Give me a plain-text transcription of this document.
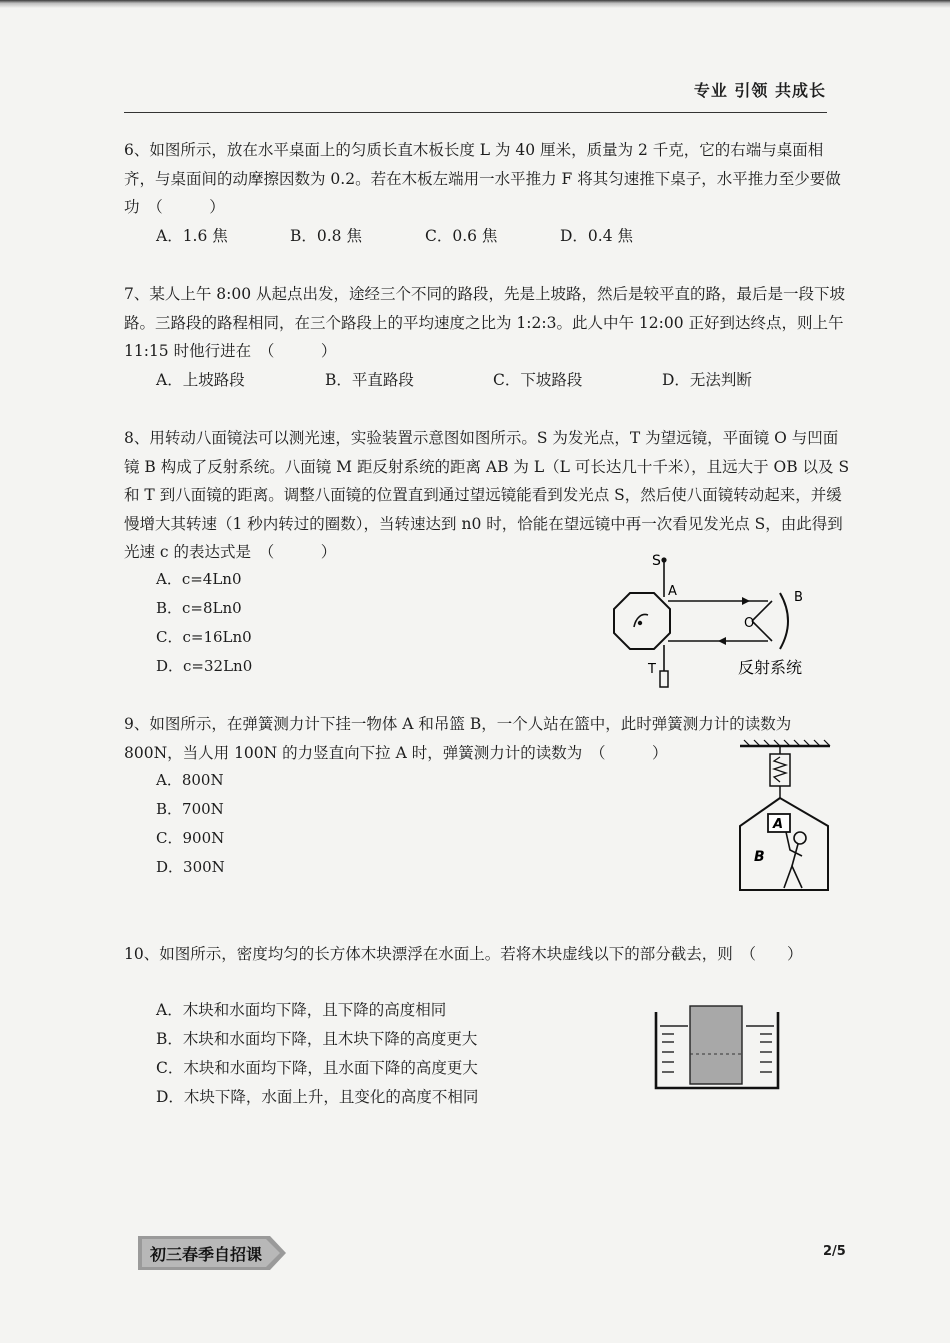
专业 引领 共成长

6、如图所示，放在水平桌面上的匀质长直木板长度 L 为 40 厘米，质量为 2 千克，它的右端与桌面相齐，与桌面间的动摩擦因数为 0.2。若在木板左端用一水平推力 F 将其匀速推下桌子，水平推力至少要做功　（　　　）

A．1.6 焦	B．0.8 焦	C．0.6 焦	D．0.4 焦

7、某人上午 8:00 从起点出发，途经三个不同的路段，先是上坡路，然后是较平直的路，最后是一段下坡路。三路段的路程相同，在三个路段上的平均速度之比为 1:2:3。此人中午 12:00 正好到达终点，则上午 11:15 时他行进在　（　　　）

A．上坡路段	B．平直路段	C．下坡路段	D．无法判断

8、用转动八面镜法可以测光速，实验装置示意图如图所示。S 为发光点，T 为望远镜，平面镜 O 与凹面镜 B 构成了反射系统。八面镜 M 距反射系统的距离 AB 为 L（L 可长达几十千米），且远大于 OB 以及 S 和 T 到八面镜的距离。调整八面镜的位置直到通过望远镜能看到发光点 S，然后使八面镜转动起来，并缓慢增大其转速（1 秒内转过的圈数），当转速达到 n0 时，恰能在望远镜中再一次看见发光点 S，由此得到光速 c 的表达式是　（　　　）

A．c=4Ln0
B．c=8Ln0
C．c=16Ln0
D．c=32Ln0
S
A	B
O
T	反射系统

9、如图所示，在弹簧测力计下挂一物体 A 和吊篮 B，一个人站在篮中，此时弹簧测力计的读数为 800N，当人用 100N 的力竖直向下拉 A 时，弹簧测力计的读数为　（　　　）

A．800N
B．700N
C．900N
D．300N
A
B

10、如图所示，密度均匀的长方体木块漂浮在水面上。若将木块虚线以下的部分截去，则　（　　）

A．木块和水面均下降，且下降的高度相同
B．木块和水面均下降，且木块下降的高度更大
C．木块和水面均下降，且水面下降的高度更大
D．木块下降，水面上升，且变化的高度不相同
初三春季自招课	2/5
